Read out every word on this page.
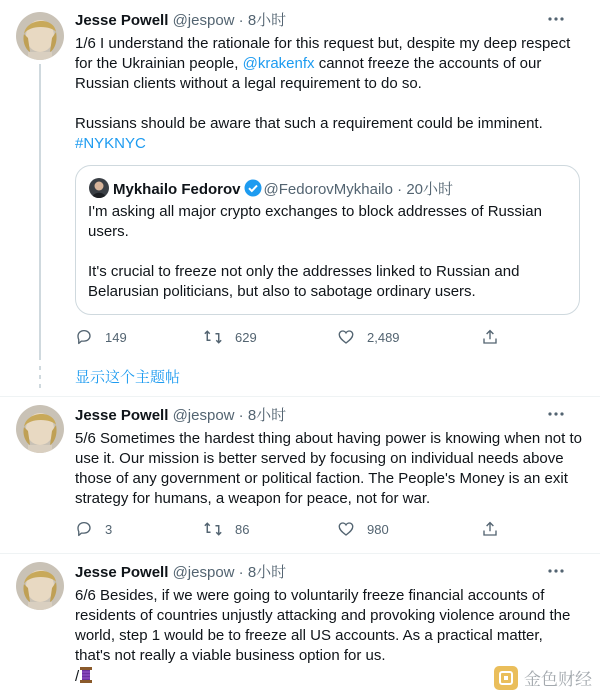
Jesse Powell @jespow · 8小时

1/6 I understand the rationale for this request but, despite my deep respect

for the Ukrainian people, @krakenfx cannot freeze the accounts of our

Russian clients without a legal requirement to do so.

Russians should be aware that such a requirement could be imminent.

#NYKNYC

Mykhailo Fedorov @FedorovMykhailo · 20小时

I'm asking all major crypto exchanges to block addresses of Russian users.

It's crucial to freeze not only the addresses linked to Russian and Belarusian politicians, but also to sabotage ordinary users.

149	629	2,489
显示这个主题帖
Jesse Powell @jespow · 8小时

5/6 Sometimes the hardest thing about having power is knowing when not to use it. Our mission is better served by focusing on individual needs above those of any government or political faction. The People's Money is an exit strategy for humans, a weapon for peace, not for war.

3	86	980
Jesse Powell @jespow · 8小时

6/6 Besides, if we were going to voluntarily freeze financial accounts of residents of countries unjustly attacking and provoking violence around the world, step 1 would be to freeze all US accounts. As a practical matter, that's not really a viable business option for us.

/	金色财经
